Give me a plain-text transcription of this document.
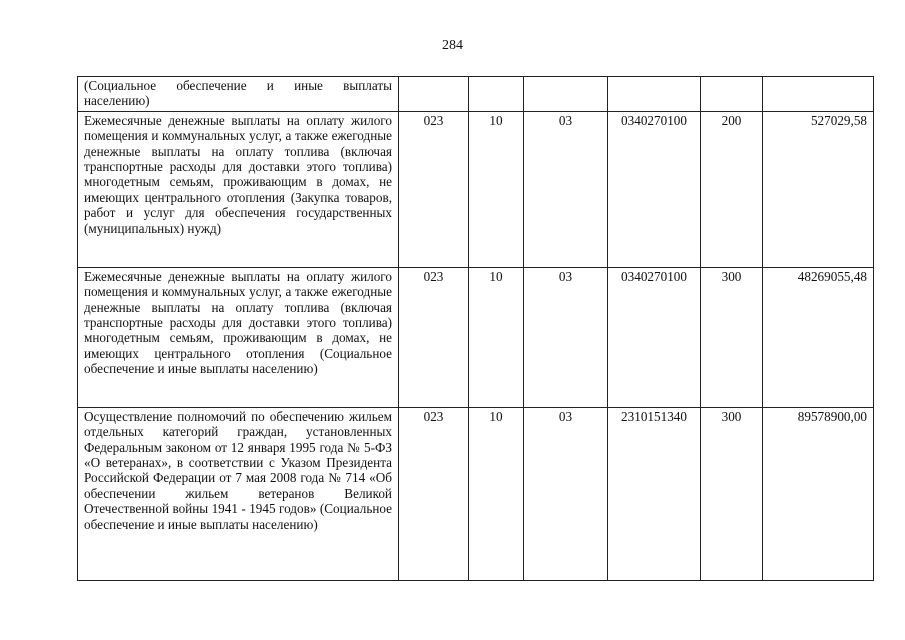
284
(Социальное обеспечение и иные выплаты населению)						
Ежемесячные денежные выплаты на оплату жилого помещения и коммунальных услуг, а также ежегодные денежные выплаты на оплату топлива (включая транспортные расходы для доставки этого топлива) многодетным семьям, проживающим в домах, не имеющих центрального отопления (Закупка товаров, работ и услуг для обеспечения государственных (муниципальных) нужд)	023	10	03	0340270100	200	527029,58
Ежемесячные денежные выплаты на оплату жилого помещения и коммунальных услуг, а также ежегодные денежные выплаты на оплату топлива (включая транспортные расходы для доставки этого топлива) многодетным семьям, проживающим в домах, не имеющих центрального отопления (Социальное обеспечение и иные выплаты населению)	023	10	03	0340270100	300	48269055,48
Осуществление полномочий по обеспечению жильем отдельных категорий граждан, установленных Федеральным законом от 12 января 1995 года № 5-ФЗ «О ветеранах», в соответствии с Указом Президента Российской Федерации от 7 мая 2008 года № 714 «Об обеспечении жильем ветеранов Великой Отечественной войны 1941 - 1945 годов» (Социальное обеспечение и иные выплаты населению)	023	10	03	2310151340	300	89578900,00
